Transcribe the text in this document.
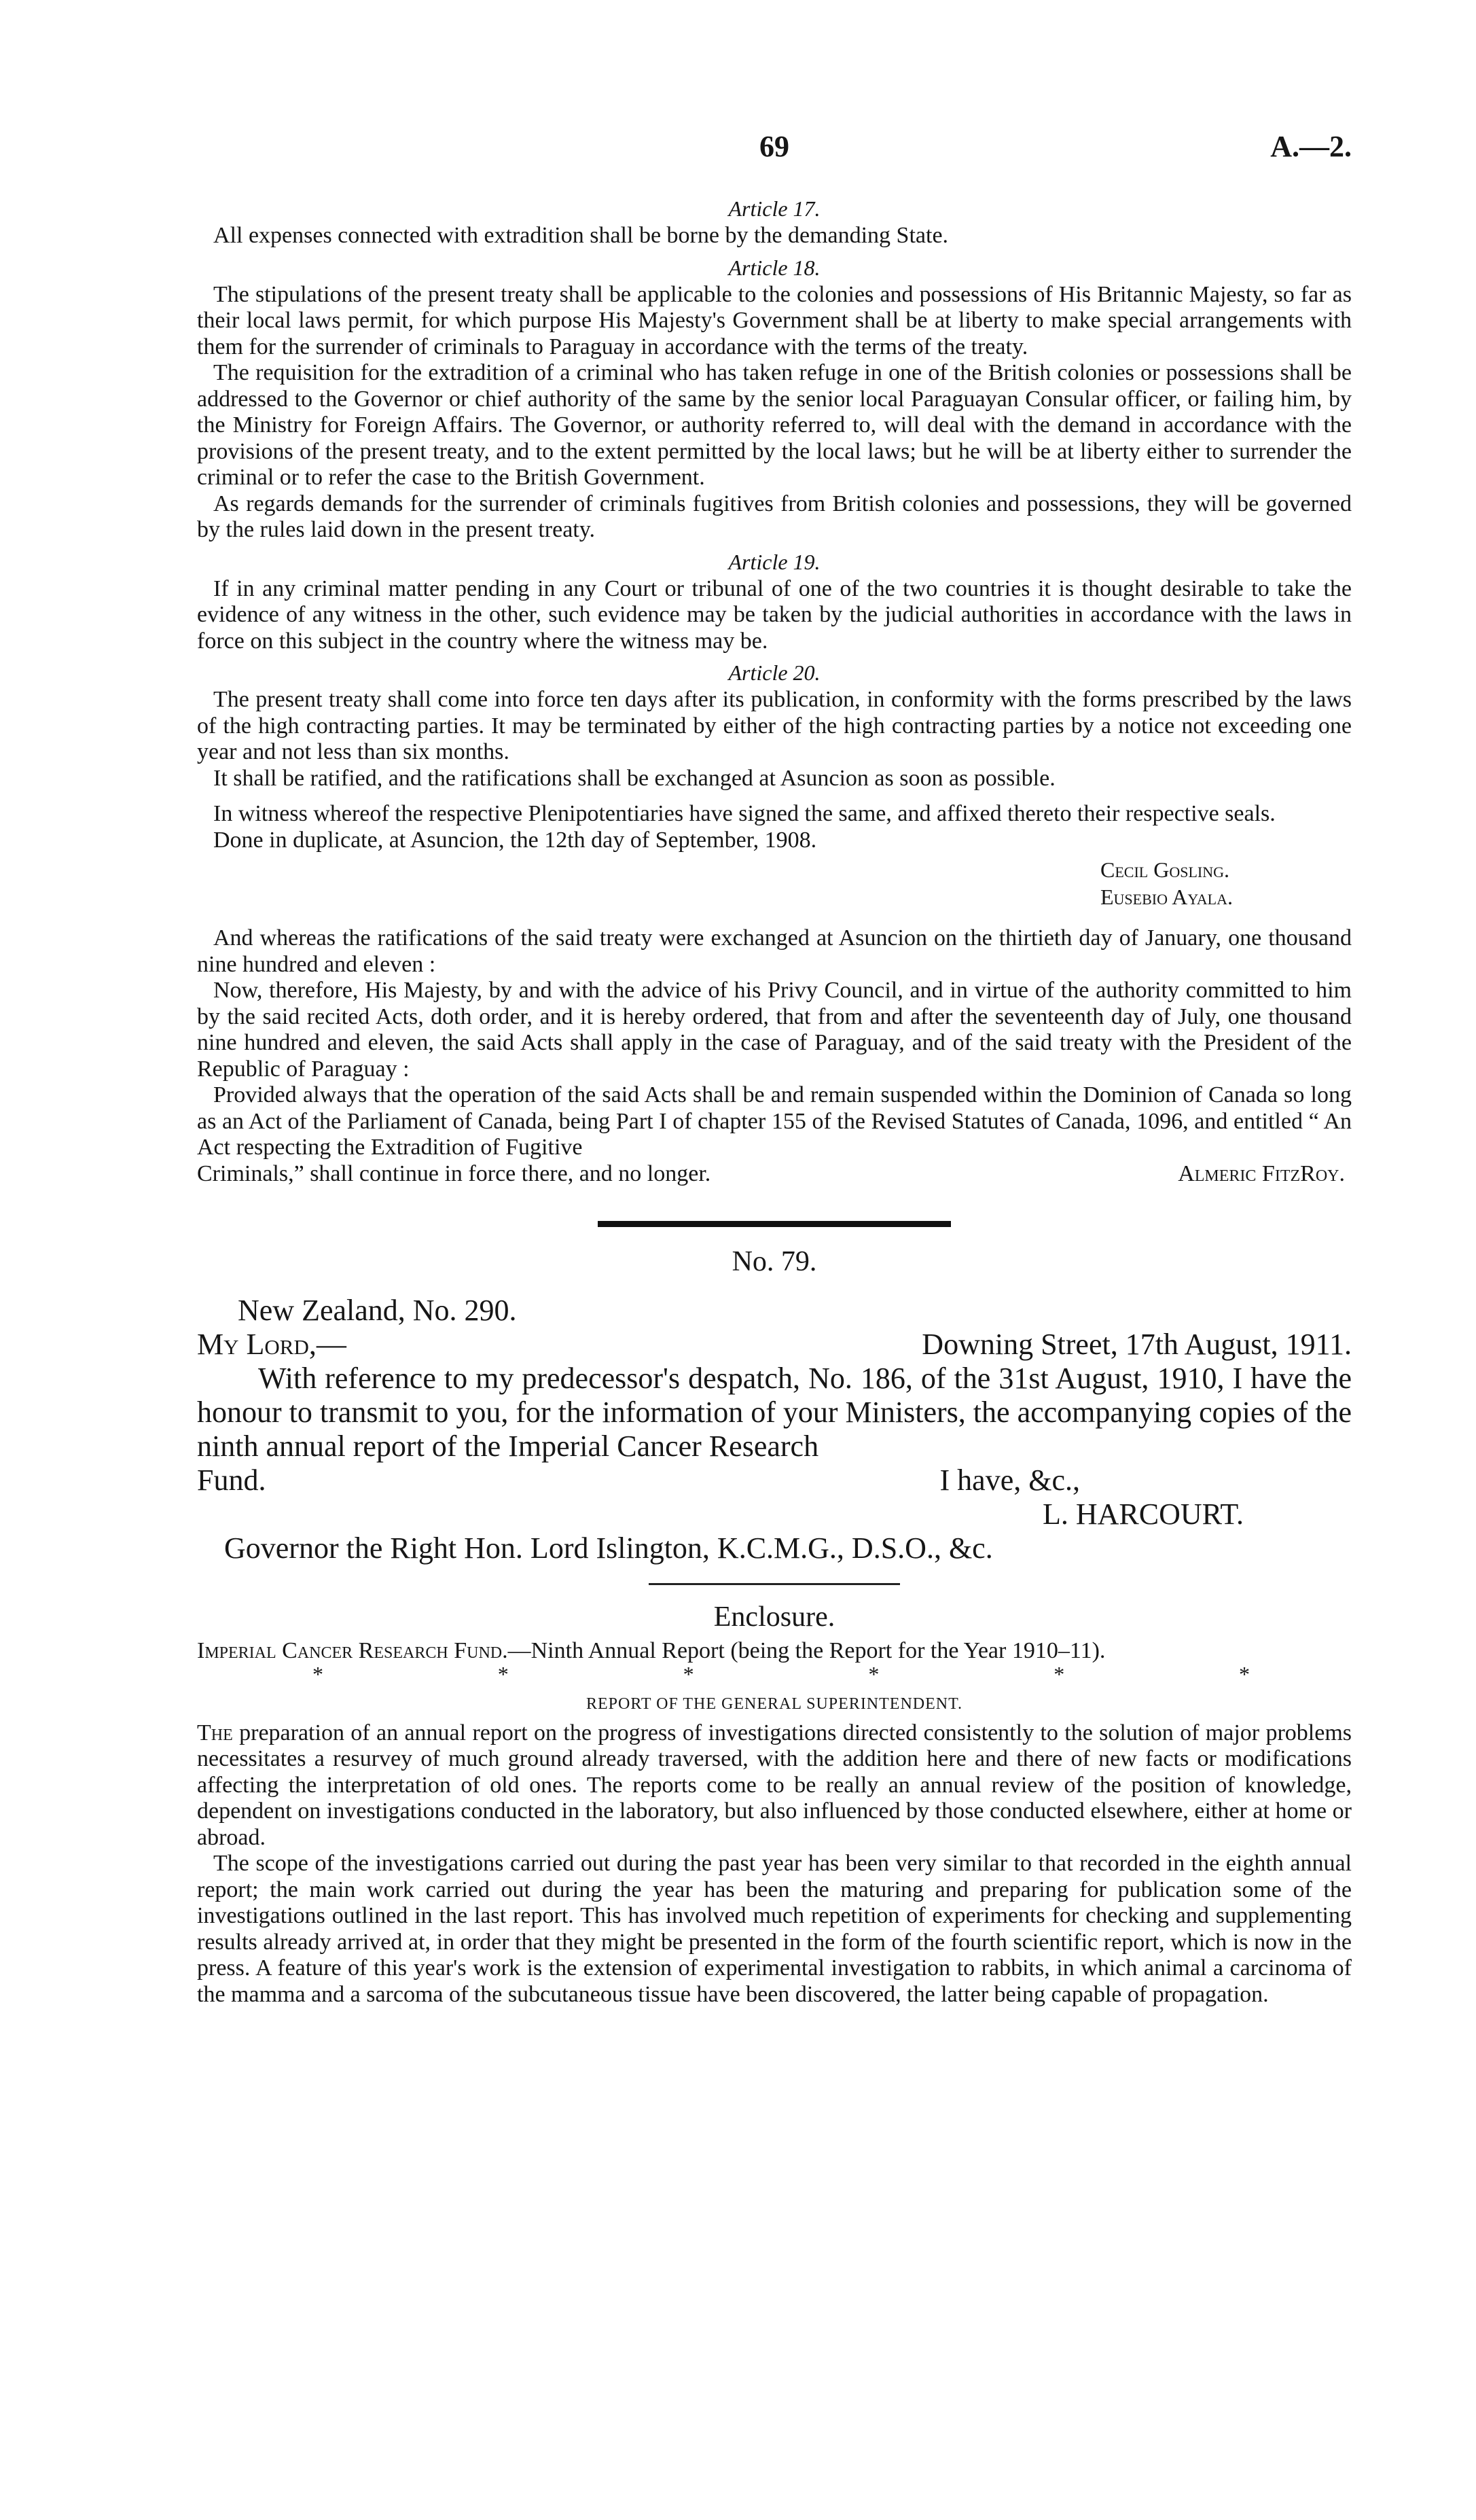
69	A.—2.
Article 17.

All expenses connected with extradition shall be borne by the demanding State.

Article 18.

The stipulations of the present treaty shall be applicable to the colonies and possessions of His Britannic Majesty, so far as their local laws permit, for which purpose His Majesty's Government shall be at liberty to make special arrangements with them for the surrender of criminals to Paraguay in accordance with the terms of the treaty.

The requisition for the extradition of a criminal who has taken refuge in one of the British colonies or possessions shall be addressed to the Governor or chief authority of the same by the senior local Paraguayan Consular officer, or failing him, by the Ministry for Foreign Affairs. The Governor, or authority referred to, will deal with the demand in accordance with the provisions of the present treaty, and to the extent permitted by the local laws; but he will be at liberty either to surrender the criminal or to refer the case to the British Government.

As regards demands for the surrender of criminals fugitives from British colonies and possessions, they will be governed by the rules laid down in the present treaty.

Article 19.

If in any criminal matter pending in any Court or tribunal of one of the two countries it is thought desirable to take the evidence of any witness in the other, such evidence may be taken by the judicial authorities in accordance with the laws in force on this subject in the country where the witness may be.

Article 20.

The present treaty shall come into force ten days after its publication, in conformity with the forms prescribed by the laws of the high contracting parties. It may be terminated by either of the high contracting parties by a notice not exceeding one year and not less than six months.

It shall be ratified, and the ratifications shall be exchanged at Asuncion as soon as possible.

In witness whereof the respective Plenipotentiaries have signed the same, and affixed thereto their respective seals.

Done in duplicate, at Asuncion, the 12th day of September, 1908.

Cecil Gosling.
Eusebio Ayala.

And whereas the ratifications of the said treaty were exchanged at Asuncion on the thirtieth day of January, one thousand nine hundred and eleven :

Now, therefore, His Majesty, by and with the advice of his Privy Council, and in virtue of the authority committed to him by the said recited Acts, doth order, and it is hereby ordered, that from and after the seventeenth day of July, one thousand nine hundred and eleven, the said Acts shall apply in the case of Paraguay, and of the said treaty with the President of the Republic of Paraguay :

Provided always that the operation of the said Acts shall be and remain suspended within the Dominion of Canada so long as an Act of the Parliament of Canada, being Part I of chapter 155 of the Revised Statutes of Canada, 1096, and entitled “ An Act respecting the Extradition of Fugitive

Criminals,” shall continue in force there, and no longer.	Almeric FitzRoy.
No. 79.
New Zealand, No. 290.
My Lord,—	Downing Street, 17th August, 1911.

With reference to my predecessor's despatch, No. 186, of the 31st August, 1910, I have the honour to transmit to you, for the information of your Ministers, the accompanying copies of the ninth annual report of the Imperial Cancer Research

Fund.	I have, &c.,
L. HARCOURT.
Governor the Right Hon. Lord Islington, K.C.M.G., D.S.O., &c.
Enclosure.

Imperial Cancer Research Fund.—Ninth Annual Report (being the Report for the Year 1910–11).

*	*	*	*	*	*
REPORT OF THE GENERAL SUPERINTENDENT.

The preparation of an annual report on the progress of investigations directed consistently to the solution of major problems necessitates a resurvey of much ground already traversed, with the addition here and there of new facts or modifications affecting the interpretation of old ones. The reports come to be really an annual review of the position of knowledge, dependent on investigations conducted in the laboratory, but also influenced by those conducted elsewhere, either at home or abroad.

The scope of the investigations carried out during the past year has been very similar to that recorded in the eighth annual report; the main work carried out during the year has been the maturing and preparing for publication some of the investigations outlined in the last report. This has involved much repetition of experiments for checking and supplementing results already arrived at, in order that they might be presented in the form of the fourth scientific report, which is now in the press. A feature of this year's work is the extension of experimental investigation to rabbits, in which animal a carcinoma of the mamma and a sarcoma of the subcutaneous tissue have been discovered, the latter being capable of propagation.
